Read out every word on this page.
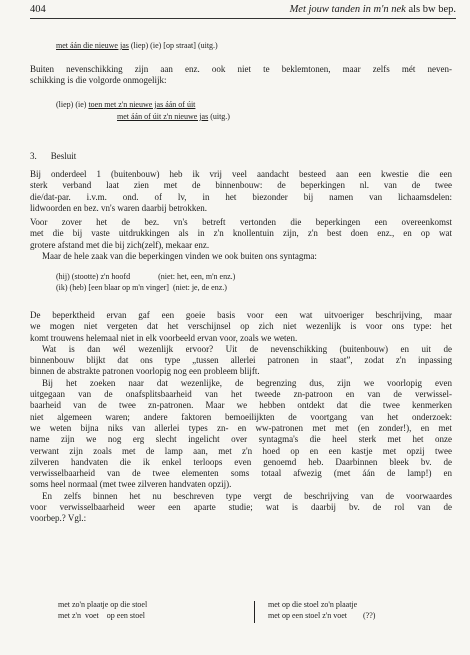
404	Met jouw tanden in m'n nek als bw bep.
met áán die nieuwe jas (liep) (ie) [op straat] (uitg.)
Buiten nevenschikking zijn aan enz. ook niet te beklemtonen, maar zelfs mét neven-
schikking is die volgorde onmogelijk:
(liep) (ie) toen met z'n nieuwe jas áán of úit
met áán of úit z'n nieuwe jas (uitg.)
3. Besluit
Bij onderdeel 1 (buitenbouw) heb ik vrij veel aandacht besteed aan een kwestie die een
sterk verband laat zien met de binnenbouw: de beperkingen nl. van de twee
die/dat-par. i.v.m. ond. of lv, in het biezonder bij namen van lichaamsdelen:
lidwoorden en bez. vn's waren daarbij betrokken.
Voor zover het de bez. vn's betreft vertonden die beperkingen een overeenkomst
met die bij vaste uitdrukkingen als in z'n knollentuin zijn, z'n best doen enz., en op wat
grotere afstand met die bij zich(zelf), mekaar enz.
Maar de hele zaak van die beperkingen vinden we ook buiten ons syntagma:
(hij) (stootte) z'n hoofd	(niet: het, een, m'n enz.)
(ik) (heb) [een blaar op m'n vinger] (niet: je, de enz.)
De beperktheid ervan gaf een goeie basis voor een wat uitvoeriger beschrijving, maar
we mogen niet vergeten dat het verschijnsel op zich niet wezenlijk is voor ons type: het
komt trouwens helemaal niet in elk voorbeeld ervan voor, zoals we weten.
Wat is dan wél wezenlijk ervoor? Uit de nevenschikking (buitenbouw) en uit de
binnenbouw blijkt dat ons type „tussen allerlei patronen in staat”, zodat z'n inpassing
binnen de abstrakte patronen voorlopig nog een probleem blijft.
Bij het zoeken naar dat wezenlijke, de begrenzing dus, zijn we voorlopig even
uitgegaan van de onafsplitsbaarheid van het tweede zn-patroon en van de verwissel-
baarheid van de twee zn-patronen. Maar we hebben ontdekt dat die twee kenmerken
niet algemeen waren; andere faktoren bemoeilijkten de voortgang van het onderzoek:
we weten bijna niks van allerlei types zn- en ww-patronen met met (en zonder!), en met
name zijn we nog erg slecht ingelicht over syntagma's die heel sterk met het onze
verwant zijn zoals met de lamp aan, met z'n hoed op en een kastje met opzij twee
zilveren handvaten die ik enkel terloops even genoemd heb. Daarbinnen bleek bv. de
verwisselbaarheid van de twee elementen soms totaal afwezig (met áán de lamp!) en
soms heel normaal (met twee zilveren handvaten opzij).
En zelfs binnen het nu beschreven type vergt de beschrijving van de voorwaardes
voor verwisselbaarheid weer een aparte studie; wat is daarbij bv. de rol van de
voorbep.? Vgl.:
met zo'n plaatje op die stoel
met z'n  voet    op een stoel
met op die stoel zo'n plaatje
met op een stoel z'n voet        (??)
